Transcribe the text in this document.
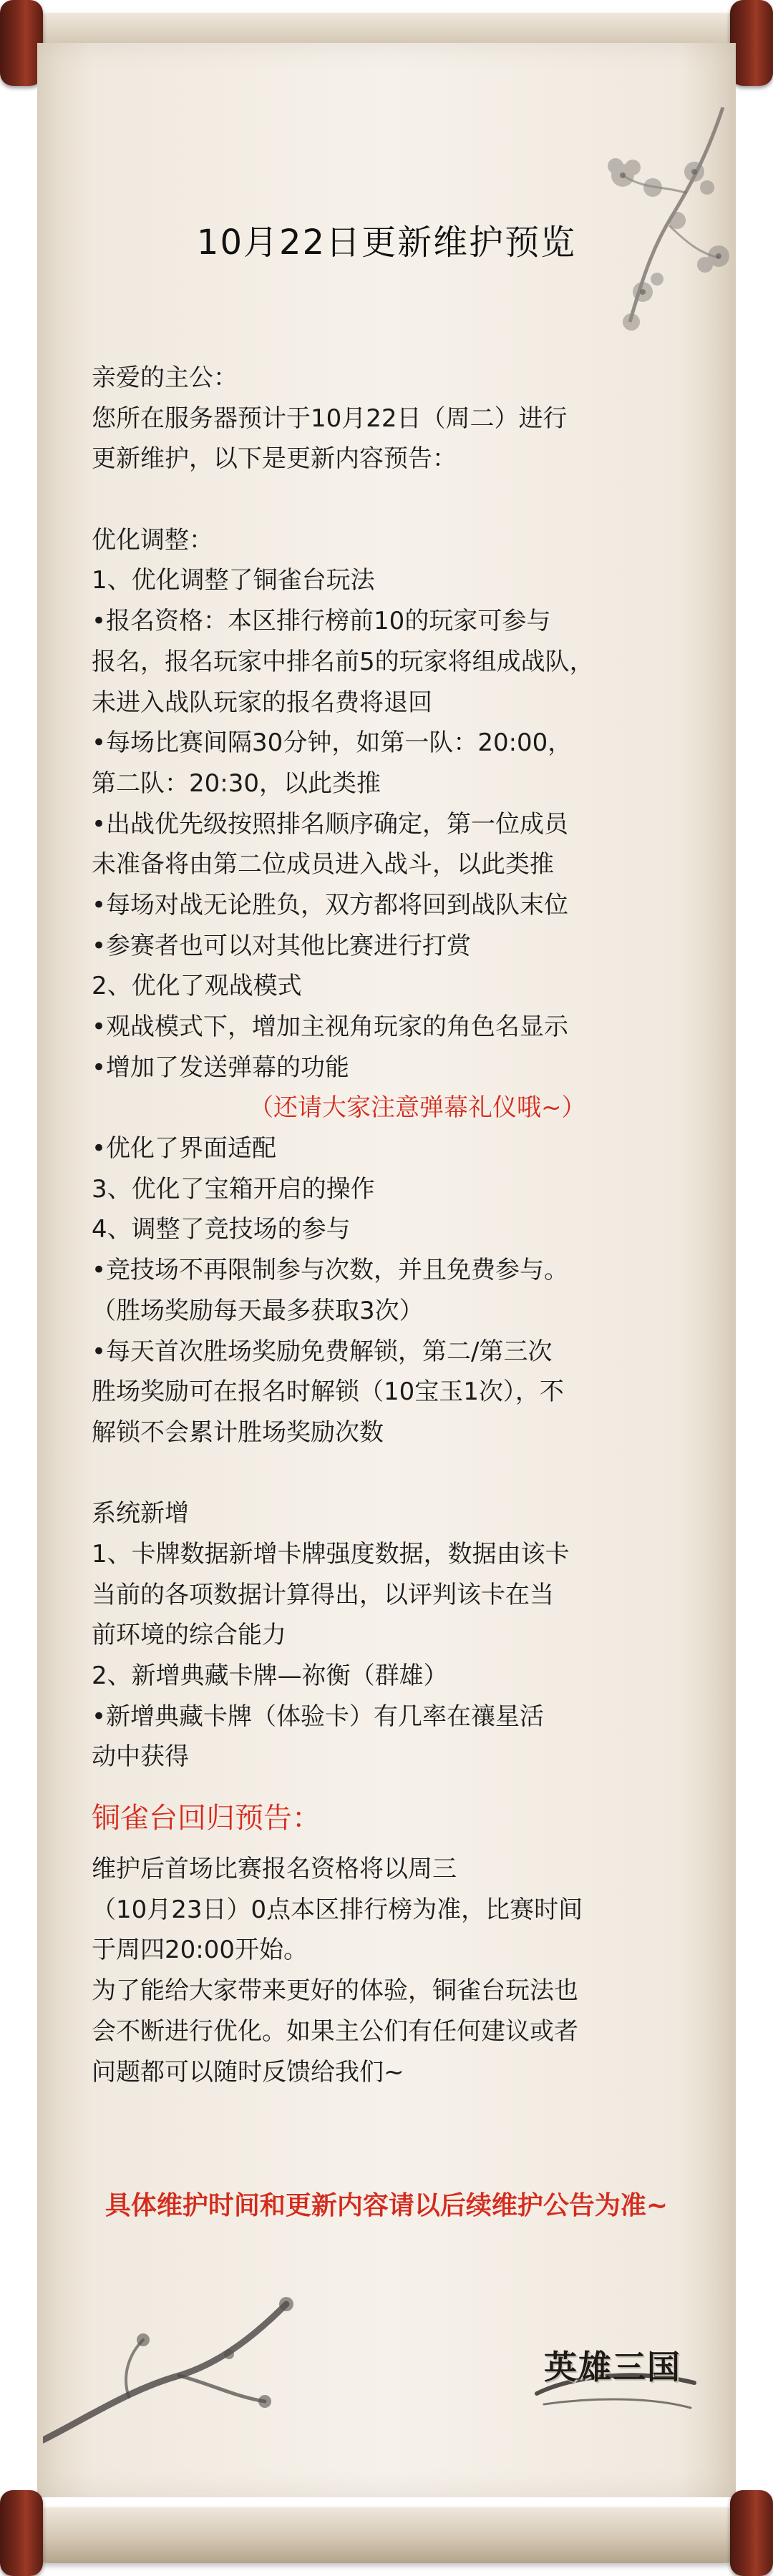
10月22日更新维护预览
亲爱的主公：
您所在服务器预计于10月22日（周二）进行
更新维护，以下是更新内容预告：
优化调整：
1、优化调整了铜雀台玩法
•报名资格：本区排行榜前10的玩家可参与
报名，报名玩家中排名前5的玩家将组成战队，
未进入战队玩家的报名费将退回
•每场比赛间隔30分钟，如第一队：20:00，
第二队：20:30，以此类推
•出战优先级按照排名顺序确定，第一位成员
未准备将由第二位成员进入战斗，以此类推
•每场对战无论胜负，双方都将回到战队末位
•参赛者也可以对其他比赛进行打赏
2、优化了观战模式
•观战模式下，增加主视角玩家的角色名显示
•增加了发送弹幕的功能
（还请大家注意弹幕礼仪哦~）
•优化了界面适配
3、优化了宝箱开启的操作
4、调整了竞技场的参与
•竞技场不再限制参与次数，并且免费参与。
（胜场奖励每天最多获取3次）
•每天首次胜场奖励免费解锁，第二/第三次
胜场奖励可在报名时解锁（10宝玉1次），不
解锁不会累计胜场奖励次数
系统新增
1、卡牌数据新增卡牌强度数据，数据由该卡
当前的各项数据计算得出，以评判该卡在当
前环境的综合能力
2、新增典藏卡牌—祢衡（群雄）
•新增典藏卡牌（体验卡）有几率在禳星活
动中获得
铜雀台回归预告：
维护后首场比赛报名资格将以周三
（10月23日）0点本区排行榜为准，比赛时间
于周四20:00开始。
为了能给大家带来更好的体验，铜雀台玩法也
会不断进行优化。如果主公们有任何建议或者
问题都可以随时反馈给我们~
具体维护时间和更新内容请以后续维护公告为准~
英雄三国
